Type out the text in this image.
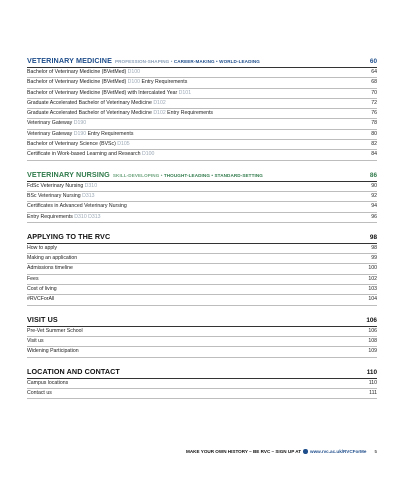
VETERINARY MEDICINE PROFESSION-SHAPING • CAREER-MAKING • WORLD-LEADING	60
Bachelor of Veterinary Medicine (BVetMed) D100	64
Bachelor of Veterinary Medicine (BVetMed) D100 Entry Requirements	68
Bachelor of Veterinary Medicine (BVetMed) with Intercalated Year D101	70
Graduate Accelerated Bachelor of Veterinary Medicine D102	72
Graduate Accelerated Bachelor of Veterinary Medicine D102 Entry Requirements	76
Veterinary Gateway D190	78
Veterinary Gateway D190 Entry Requirements	80
Bachelor of Veterinary Science (BVSc) D105	82
Certificate in Work-based Learning and Research D100	84
VETERINARY NURSING SKILL-DEVELOPING • THOUGHT-LEADING • STANDARD-SETTING	86
FdSc Veterinary Nursing D310	90
BSc Veterinary Nursing D313	92
Certificates in Advanced Veterinary Nursing	94
Entry Requirements D310 D313	96
APPLYING TO THE RVC	98
How to apply	98
Making an application	99
Admissions timeline	100
Fees	102
Cost of living	103
#RVCForAll	104
VISIT US	106
Pre-Vet Summer School	106
Visit us	108
Widening Participation	109
LOCATION AND CONTACT	110
Campus locations	110
Contact us	111
MAKE YOUR OWN HISTORY – BE RVC – SIGN UP AT  www.rvc.ac.uk/RVCForMe 5
